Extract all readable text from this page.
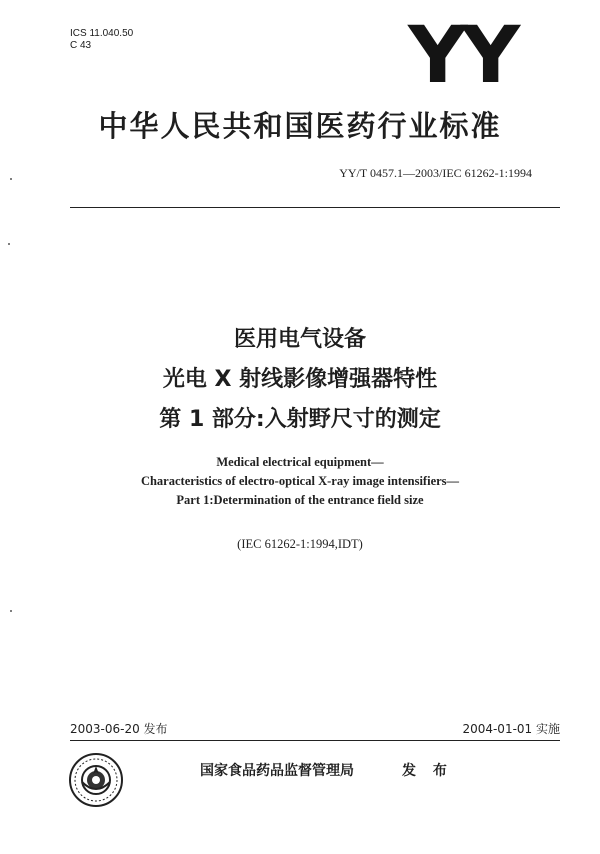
ICS 11.040.50
C 43	YY
中华人民共和国医药行业标准
YY/T 0457.1—2003/IEC 61262-1:1994
医用电气设备
光电 X 射线影像增强器特性
第 1 部分:入射野尺寸的测定
Medical electrical equipment—
Characteristics of electro-optical X-ray image intensifiers—
Part 1:Determination of the entrance field size
(IEC 61262-1:1994,IDT)
2003-06-20 发布	2004-01-01 实施
国家食品药品监督管理局	发 布
